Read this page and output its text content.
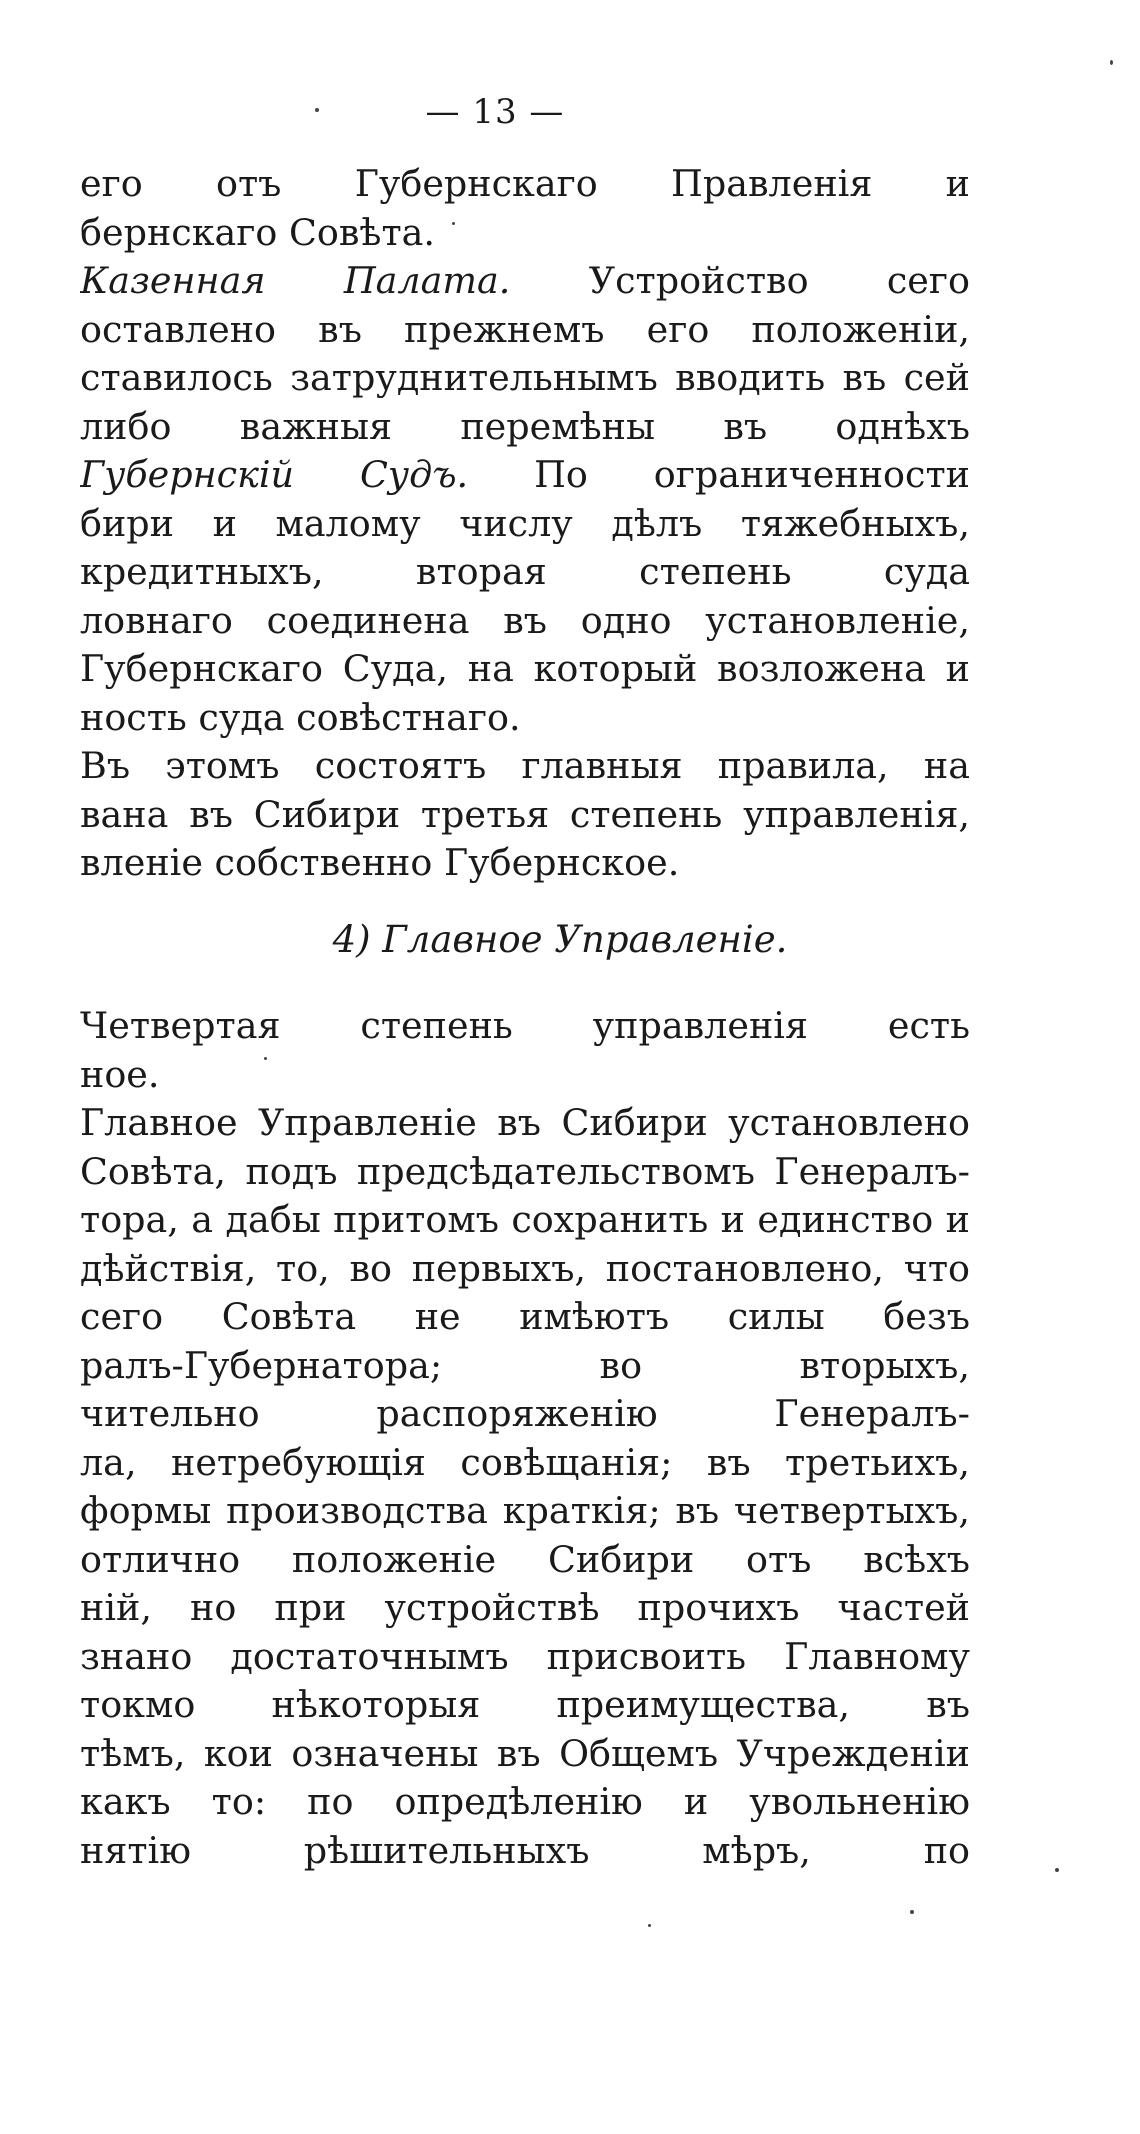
— 13 —
его отъ Губернскаго Правленія и
бернскаго Совѣта.
Казенная Палата. Устройство сего
оставлено въ прежнемъ его положеніи,
ставилось затруднительнымъ вводить въ сей
либо важныя перемѣны въ однѣхъ
Губернскій Судъ. По ограниченности
бири и малому числу дѣлъ тяжебныхъ,
кредитныхъ, вторая степень суда
ловнаго соединена въ одно установленіе,
Губернскаго Суда, на который возложена и
ность суда совѣстнаго.
Въ этомъ состоятъ главныя правила, на
вана въ Сибири третья степень управленія,
вленіе собственно Губернское.
4) Главное Управленіе.
Четвертая степень управленія есть
ное.
Главное Управленіе въ Сибири установлено
Совѣта, подъ предсѣдательствомъ Генералъ-
тора, а дабы притомъ сохранить и единство и
дѣйствія, то, во первыхъ, постановлено, что
сего Совѣта не имѣютъ силы безъ
ралъ-Губернатора; во вторыхъ,
чительно распоряженію Генералъ-
ла, нетребующія совѣщанія; въ третьихъ,
формы производства краткія; въ четвертыхъ,
отлично положеніе Сибири отъ всѣхъ
ній, но при устройствѣ прочихъ частей
знано достаточнымъ присвоить Главному
токмо нѣкоторыя преимущества, въ
тѣмъ, кои означены въ Общемъ Учрежденіи
какъ то: по опредѣленію и увольненію
нятію рѣшительныхъ мѣръ, по
